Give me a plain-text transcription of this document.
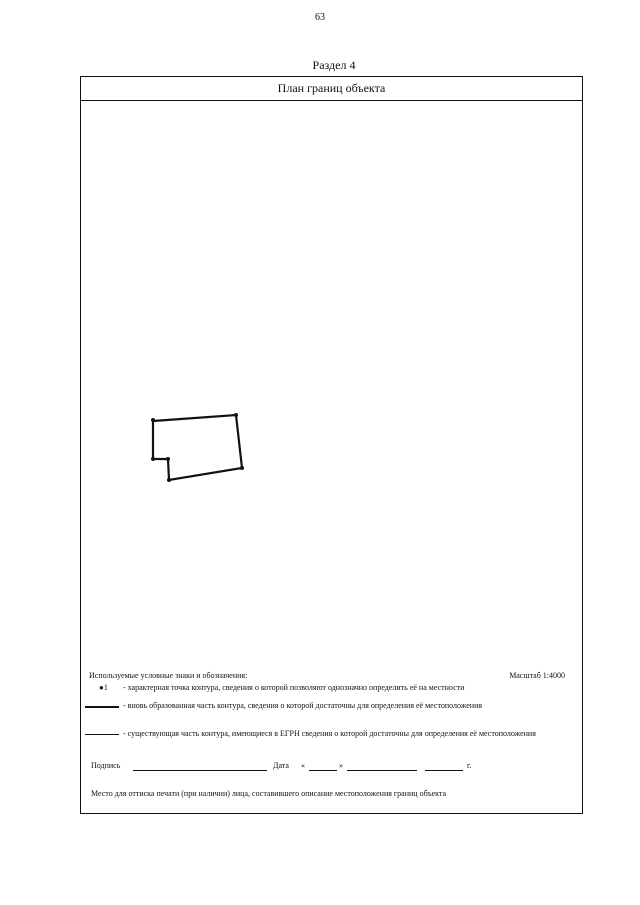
63
Раздел 4
План границ объекта
Используемые условные знаки и обозначения:	Масштаб 1:4000
●1 - характерная точка контура, сведения о которой позволяют однозначно определить её на местности
- вновь образованная часть контура, сведения о которой достаточны для определения её местоположения
- существующая часть контура, имеющиеся в ЕГРН сведения о которой достаточны для определения её местоположения
Подпись	Дата «	»	г.
Место для оттиска печати (при наличии) лица, составившего описание местоположения границ объекта
